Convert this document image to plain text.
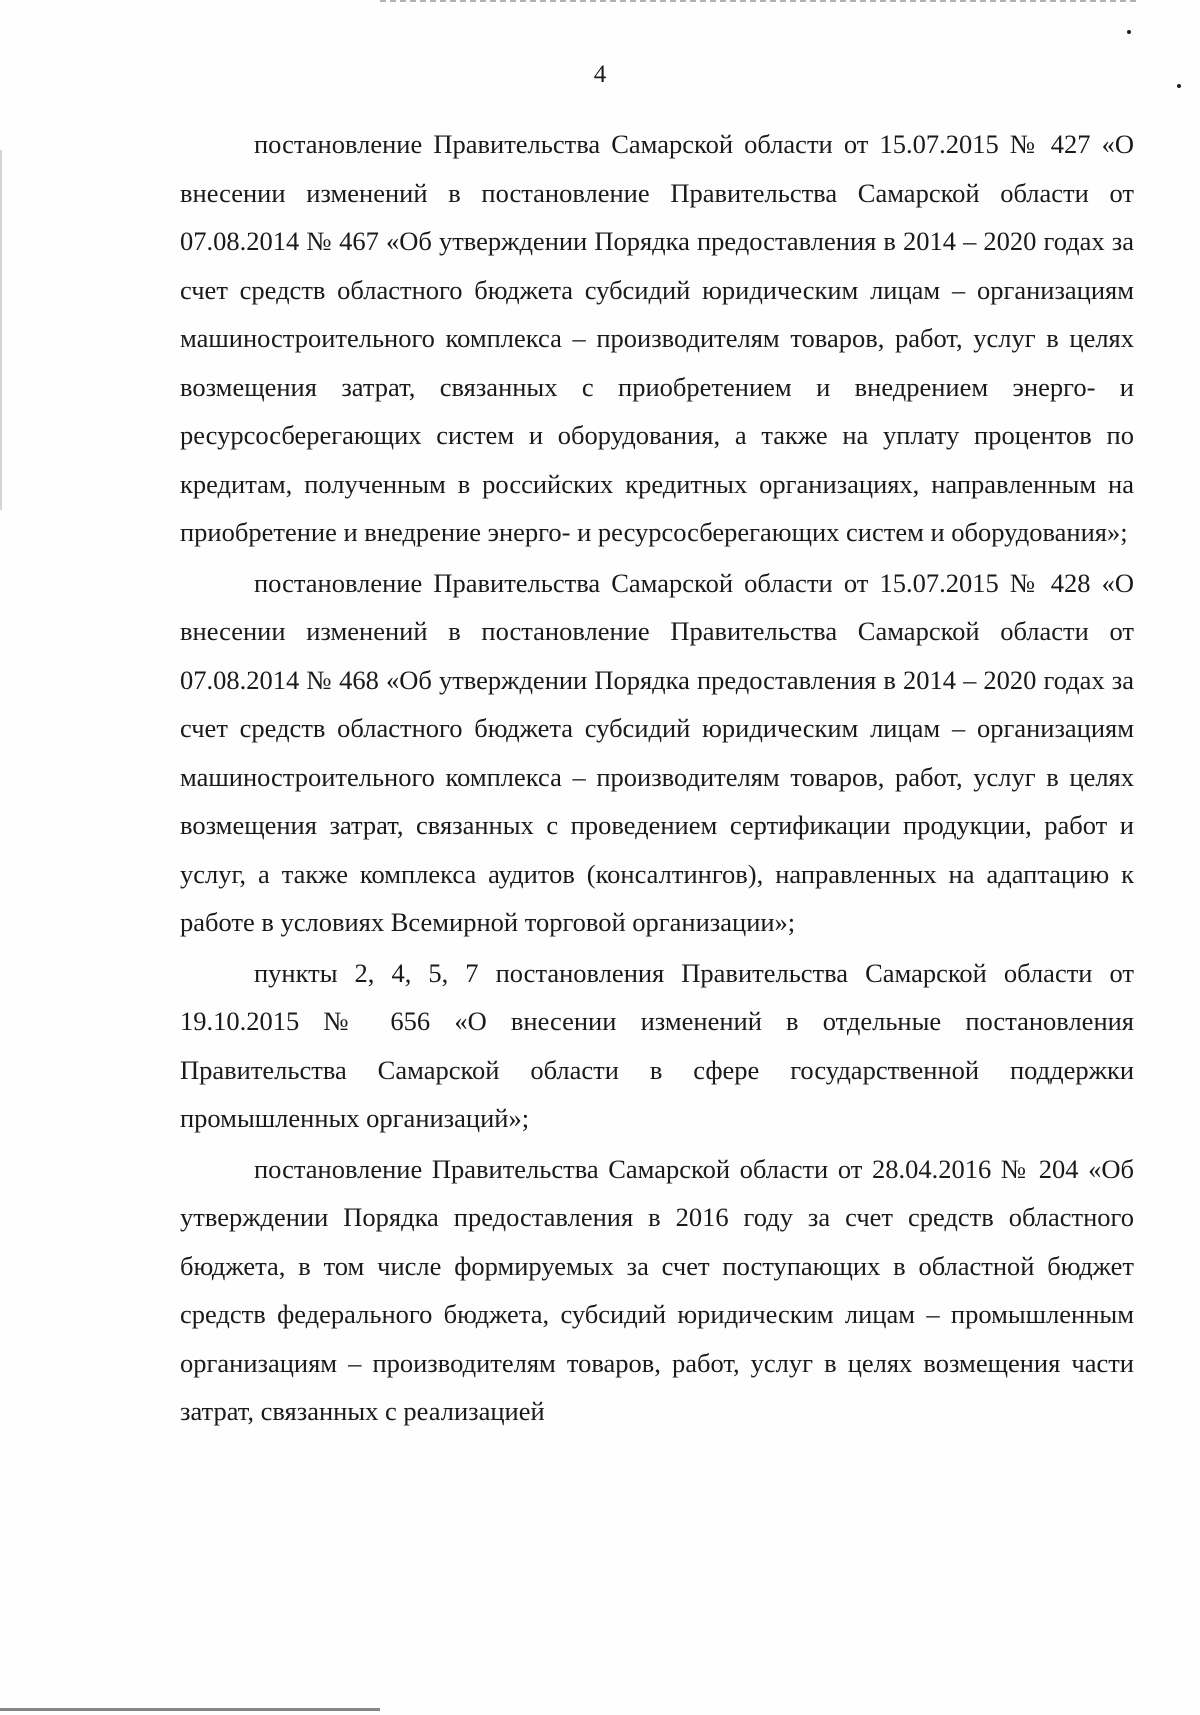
4

постановление Правительства Самарской области от 15.07.2015 № 427 «О внесении изменений в постановление Правительства Самарской области от 07.08.2014 № 467 «Об утверждении Порядка предоставления в 2014 – 2020 годах за счет средств областного бюджета субсидий юридическим лицам – организациям машиностроительного комплекса – производителям товаров, работ, услуг в целях возмещения затрат, связанных с приобретением и внедрением энерго- и ресурсосберегающих систем и оборудования, а также на уплату процентов по кредитам, полученным в российских кредитных организациях, направленным на приобретение и внедрение энерго- и ресурсосберегающих систем и оборудования»;

постановление Правительства Самарской области от 15.07.2015 № 428 «О внесении изменений в постановление Правительства Самарской области от 07.08.2014 № 468 «Об утверждении Порядка предоставления в 2014 – 2020 годах за счет средств областного бюджета субсидий юридическим лицам – организациям машиностроительного комплекса – производителям товаров, работ, услуг в целях возмещения затрат, связанных с проведением сертификации продукции, работ и услуг, а также комплекса аудитов (консалтингов), направленных на адаптацию к работе в условиях Всемирной торговой организации»;

пункты 2, 4, 5, 7 постановления Правительства Самарской области от 19.10.2015 № 656 «О внесении изменений в отдельные постановления Правительства Самарской области в сфере государственной поддержки промышленных организаций»;

постановление Правительства Самарской области от 28.04.2016 № 204 «Об утверждении Порядка предоставления в 2016 году за счет средств областного бюджета, в том числе формируемых за счет поступающих в областной бюджет средств федерального бюджета, субсидий юридическим лицам – промышленным организациям – производителям товаров, работ, услуг в целях возмещения части затрат, связанных с реализацией
